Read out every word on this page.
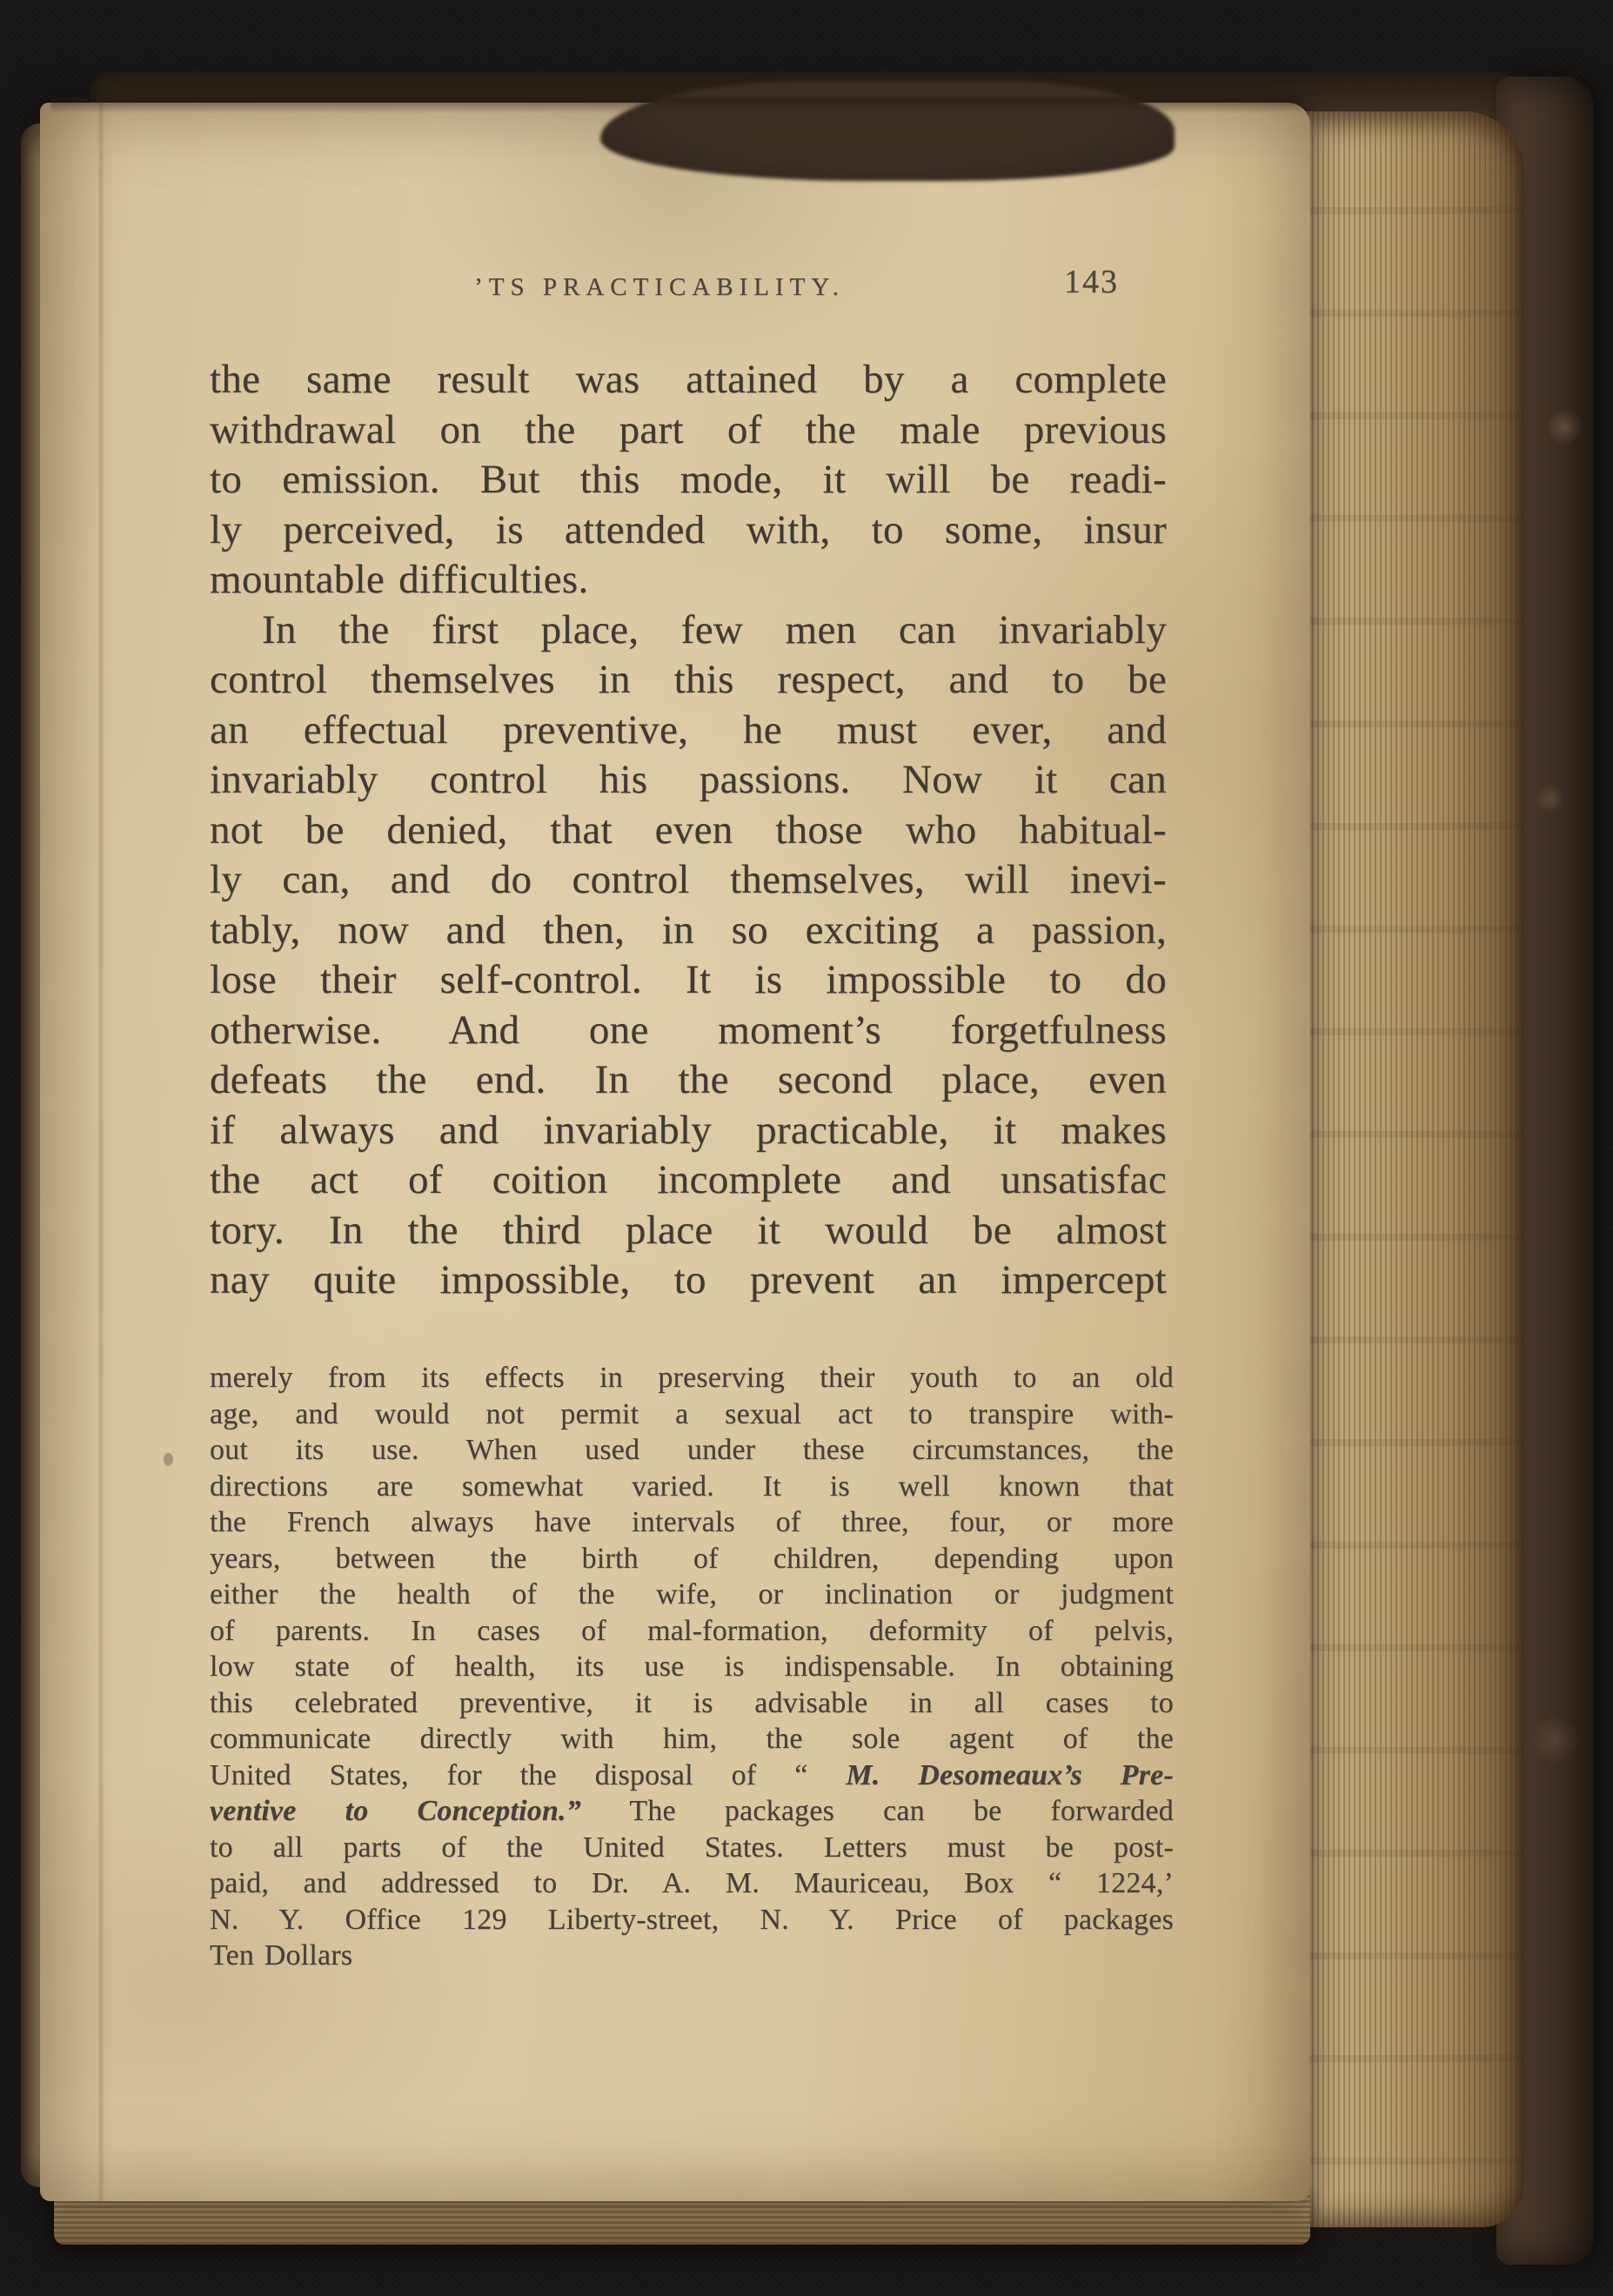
’TS PRACTICABILITY.	143
the same result was attained by a complete
withdrawal on the part of the male previous
to emission. But this mode, it will be readi-
ly perceived, is attended with, to some, insur
mountable difficulties.
In the first place, few men can invariably
control themselves in this respect, and to be
an effectual preventive, he must ever, and
invariably control his passions. Now it can
not be denied, that even those who habitual-
ly can, and do control themselves, will inevi-
tably, now and then, in so exciting a passion,
lose their self-control. It is impossible to do
otherwise. And one moment’s forgetfulness
defeats the end. In the second place, even
if always and invariably practicable, it makes
the act of coition incomplete and unsatisfac
tory. In the third place it would be almost
nay quite impossible, to prevent an impercept
merely from its effects in preserving their youth to an old
age, and would not permit a sexual act to transpire with-
out its use. When used under these circumstances, the
directions are somewhat varied. It is well known that
the French always have intervals of three, four, or more
years, between the birth of children, depending upon
either the health of the wife, or inclination or judgment
of parents. In cases of mal-formation, deformity of pelvis,
low state of health, its use is indispensable. In obtaining
this celebrated preventive, it is advisable in all cases to
communicate directly with him, the sole agent of the
United States, for the disposal of “ M. Desomeaux’s Pre-
ventive to Conception.” The packages can be forwarded
to all parts of the United States. Letters must be post-
paid, and addressed to Dr. A. M. Mauriceau, Box “ 1224,’
N. Y. Office 129 Liberty-street, N. Y. Price of packages
Ten Dollars
